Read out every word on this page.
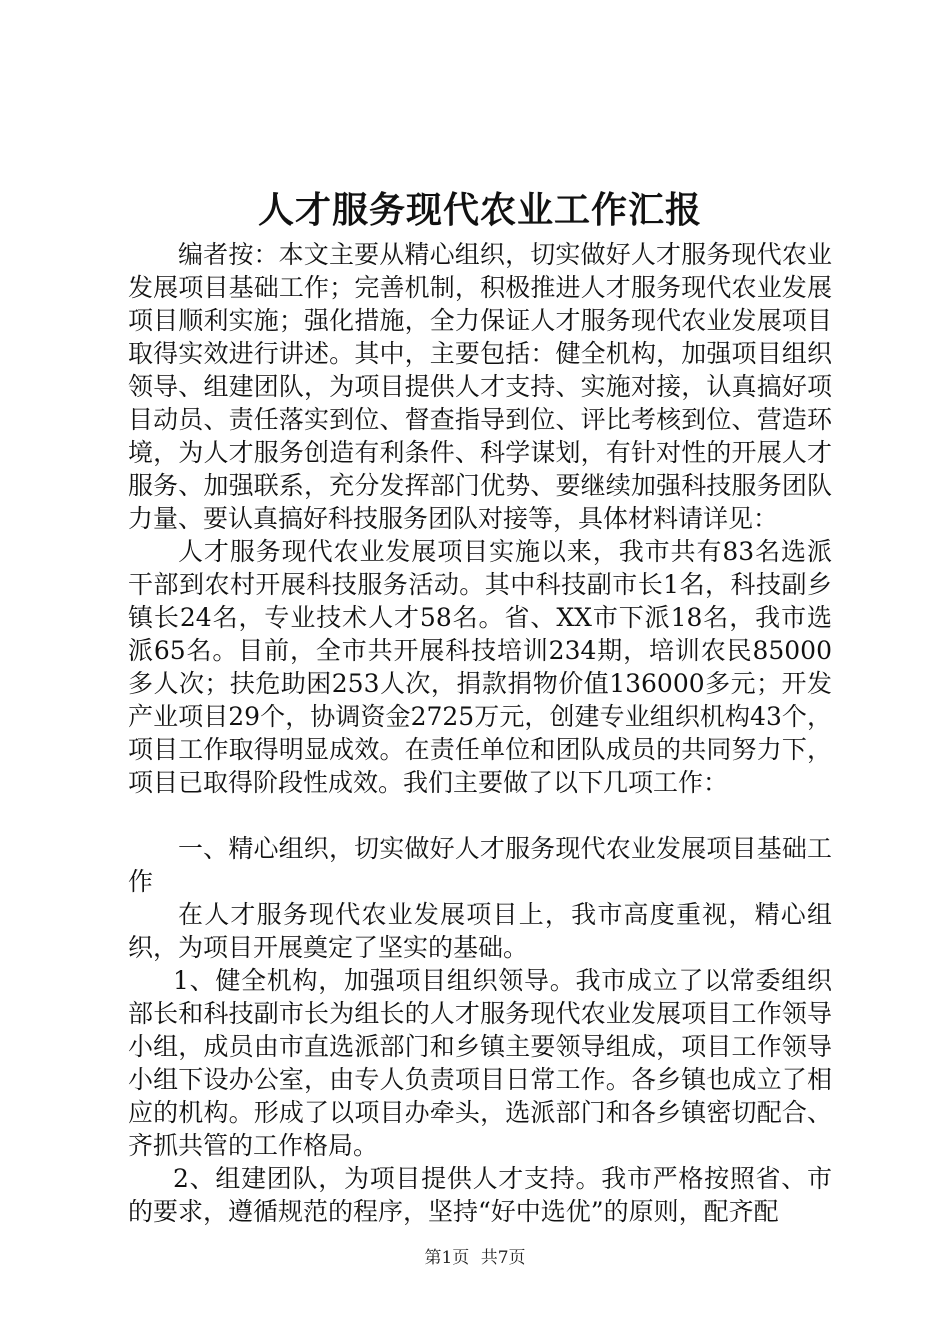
人才服务现代农业工作汇报

编者按：本文主要从精心组织，切实做好人才服务现代农业发展项目基础工作；完善机制，积极推进人才服务现代农业发展项目顺利实施；强化措施，全力保证人才服务现代农业发展项目取得实效进行讲述。其中，主要包括：健全机构，加强项目组织领导、组建团队，为项目提供人才支持、实施对接，认真搞好项目动员、责任落实到位、督查指导到位、评比考核到位、营造环境，为人才服务创造有利条件、科学谋划，有针对性的开展人才服务、加强联系，充分发挥部门优势、要继续加强科技服务团队力量、要认真搞好科技服务团队对接等，具体材料请详见：

人才服务现代农业发展项目实施以来，我市共有83名选派干部到农村开展科技服务活动。其中科技副市长1名，科技副乡镇长24名，专业技术人才58名。省、XX市下派18名，我市选派65名。目前，全市共开展科技培训234期，培训农民85000多人次；扶危助困253人次，捐款捐物价值136000多元；开发产业项目29个，协调资金2725万元，创建专业组织机构43个，项目工作取得明显成效。在责任单位和团队成员的共同努力下，项目已取得阶段性成效。我们主要做了以下几项工作：

一、精心组织，切实做好人才服务现代农业发展项目基础工作

在人才服务现代农业发展项目上，我市高度重视，精心组织，为项目开展奠定了坚实的基础。

1、健全机构，加强项目组织领导。我市成立了以常委组织部长和科技副市长为组长的人才服务现代农业发展项目工作领导小组，成员由市直选派部门和乡镇主要领导组成，项目工作领导小组下设办公室，由专人负责项目日常工作。各乡镇也成立了相应的机构。形成了以项目办牵头，选派部门和各乡镇密切配合、齐抓共管的工作格局。

2、组建团队，为项目提供人才支持。我市严格按照省、市的要求，遵循规范的程序，坚持“好中选优”的原则，配齐配

第1页 共7页
